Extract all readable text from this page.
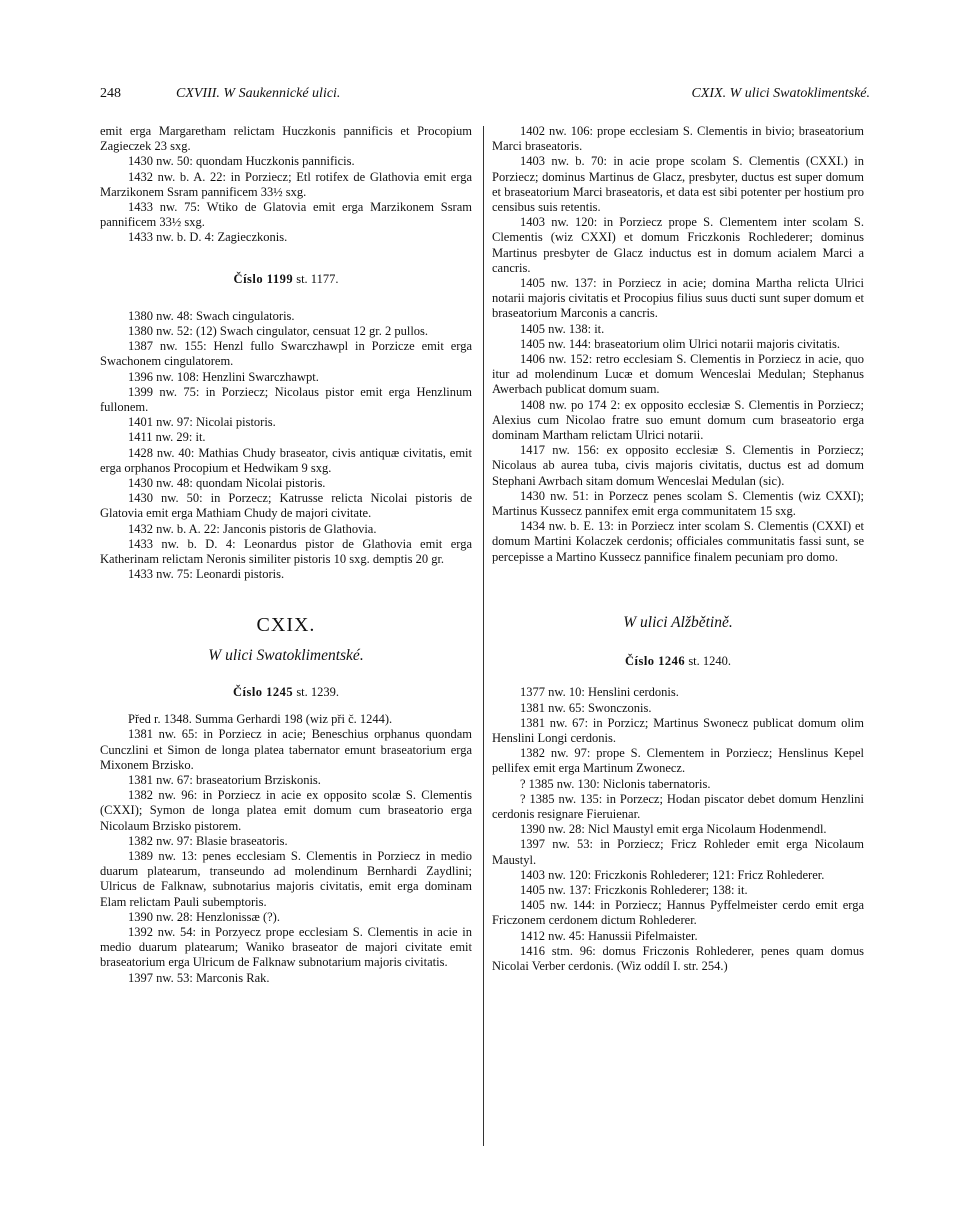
248	CXVIII. W Saukennické ulici.	CXIX. W ulici Swatoklimentské.

emit erga Margaretham relictam Huczkonis pannificis et Procopium Zagieczek 23 sxg.

1430 nw. 50: quondam Huczkonis pannificis.

1432 nw. b. A. 22: in Porziecz; Etl rotifex de Glathovia emit erga Marzikonem Ssram pannificem 33½ sxg.

1433 nw. 75: Wtiko de Glatovia emit erga Marzikonem Ssram pannificem 33½ sxg.

1433 nw. b. D. 4: Zagieczkonis.

Číslo 1199 st. 1177.

1380 nw. 48: Swach cingulatoris.

1380 nw. 52: (12) Swach cingulator, censuat 12 gr. 2 pullos.

1387 nw. 155: Henzl fullo Swarczhawpl in Porzicze emit erga Swachonem cingulatorem.

1396 nw. 108: Henzlini Swarczhawpt.

1399 nw. 75: in Porziecz; Nicolaus pistor emit erga Henzlinum fullonem.

1401 nw. 97: Nicolai pistoris.

1411 nw. 29: it.

1428 nw. 40: Mathias Chudy braseator, civis antiquæ civitatis, emit erga orphanos Procopium et Hedwikam 9 sxg.

1430 nw. 48: quondam Nicolai pistoris.

1430 nw. 50: in Porzecz; Katrusse relicta Nicolai pistoris de Glatovia emit erga Mathiam Chudy de majori civitate.

1432 nw. b. A. 22: Janconis pistoris de Glathovia.

1433 nw. b. D. 4: Leonardus pistor de Glathovia emit erga Katherinam relictam Neronis similiter pistoris 10 sxg. demptis 20 gr.

1433 nw. 75: Leonardi pistoris.

CXIX.

W ulici Swatoklimentské.

Číslo 1245 st. 1239.

Před r. 1348. Summa Gerhardi 198 (wiz při č. 1244).

1381 nw. 65: in Porziecz in acie; Beneschius orphanus quondam Cunczlini et Simon de longa platea tabernator emunt braseatorium erga Mixonem Brzisko.

1381 nw. 67: braseatorium Brziskonis.

1382 nw. 96: in Porziecz in acie ex opposito scolæ S. Clementis (CXXI); Symon de longa platea emit domum cum braseatorio erga Nicolaum Brzisko pistorem.

1382 nw. 97: Blasie braseatoris.

1389 nw. 13: penes ecclesiam S. Clementis in Porziecz in medio duarum platearum, transeundo ad molendinum Bernhardi Zaydlini; Ulricus de Falknaw, subnotarius majoris civitatis, emit erga dominam Elam relictam Pauli subemptoris.

1390 nw. 28: Henzlonissæ (?).

1392 nw. 54: in Porzyecz prope ecclesiam S. Clementis in acie in medio duarum platearum; Waniko braseator de majori civitate emit braseatorium erga Ulricum de Falknaw subnotarium majoris civitatis.

1397 nw. 53: Marconis Rak.

1402 nw. 106: prope ecclesiam S. Clementis in bivio; braseatorium Marci braseatoris.

1403 nw. b. 70: in acie prope scolam S. Clementis (CXXI.) in Porziecz; dominus Martinus de Glacz, presbyter, ductus est super domum et braseatorium Marci braseatoris, et data est sibi potenter per hostium pro censibus suis retentis.

1403 nw. 120: in Porziecz prope S. Clementem inter scolam S. Clementis (wiz CXXI) et domum Friczkonis Rochlederer; dominus Martinus presbyter de Glacz inductus est in domum acialem Marci a cancris.

1405 nw. 137: in Porziecz in acie; domina Martha relicta Ulrici notarii majoris civitatis et Procopius filius suus ducti sunt super domum et braseatorium Marconis a cancris.

1405 nw. 138: it.

1405 nw. 144: braseatorium olim Ulrici notarii majoris civitatis.

1406 nw. 152: retro ecclesiam S. Clementis in Porziecz in acie, quo itur ad molendinum Lucæ et domum Wenceslai Medulan; Stephanus Awerbach publicat domum suam.

1408 nw. po 174 2: ex opposito ecclesiæ S. Clementis in Porziecz; Alexius cum Nicolao fratre suo emunt domum cum braseatorio erga dominam Martham relictam Ulrici notarii.

1417 nw. 156: ex opposito ecclesiæ S. Clementis in Porziecz; Nicolaus ab aurea tuba, civis majoris civitatis, ductus est ad domum Stephani Awrbach sitam domum Wenceslai Medulan (sic).

1430 nw. 51: in Porzecz penes scolam S. Clementis (wiz CXXI); Martinus Kussecz pannifex emit erga communitatem 15 sxg.

1434 nw. b. E. 13: in Porziecz inter scolam S. Clementis (CXXI) et domum Martini Kolaczek cerdonis; officiales communitatis fassi sunt, se percepisse a Martino Kussecz pannifice finalem pecuniam pro domo.

W ulici Alžbětině.

Číslo 1246 st. 1240.

1377 nw. 10: Henslini cerdonis.

1381 nw. 65: Swonczonis.

1381 nw. 67: in Porzicz; Martinus Swonecz publicat domum olim Henslini Longi cerdonis.

1382 nw. 97: prope S. Clementem in Porziecz; Henslinus Kepel pellifex emit erga Martinum Zwonecz.

? 1385 nw. 130: Niclonis tabernatoris.

? 1385 nw. 135: in Porzecz; Hodan piscator debet domum Henzlini cerdonis resignare Fieruienar.

1390 nw. 28: Nicl Maustyl emit erga Nicolaum Hodenmendl.

1397 nw. 53: in Porziecz; Fricz Rohleder emit erga Nicolaum Maustyl.

1403 nw. 120: Friczkonis Rohlederer; 121: Fricz Rohlederer.

1405 nw. 137: Friczkonis Rohlederer; 138: it.

1405 nw. 144: in Porziecz; Hannus Pyffelmeister cerdo emit erga Friczonem cerdonem dictum Rohlederer.

1412 nw. 45: Hanussii Pifelmaister.

1416 stm. 96: domus Friczonis Rohlederer, penes quam domus Nicolai Verber cerdonis. (Wiz oddíl I. str. 254.)
